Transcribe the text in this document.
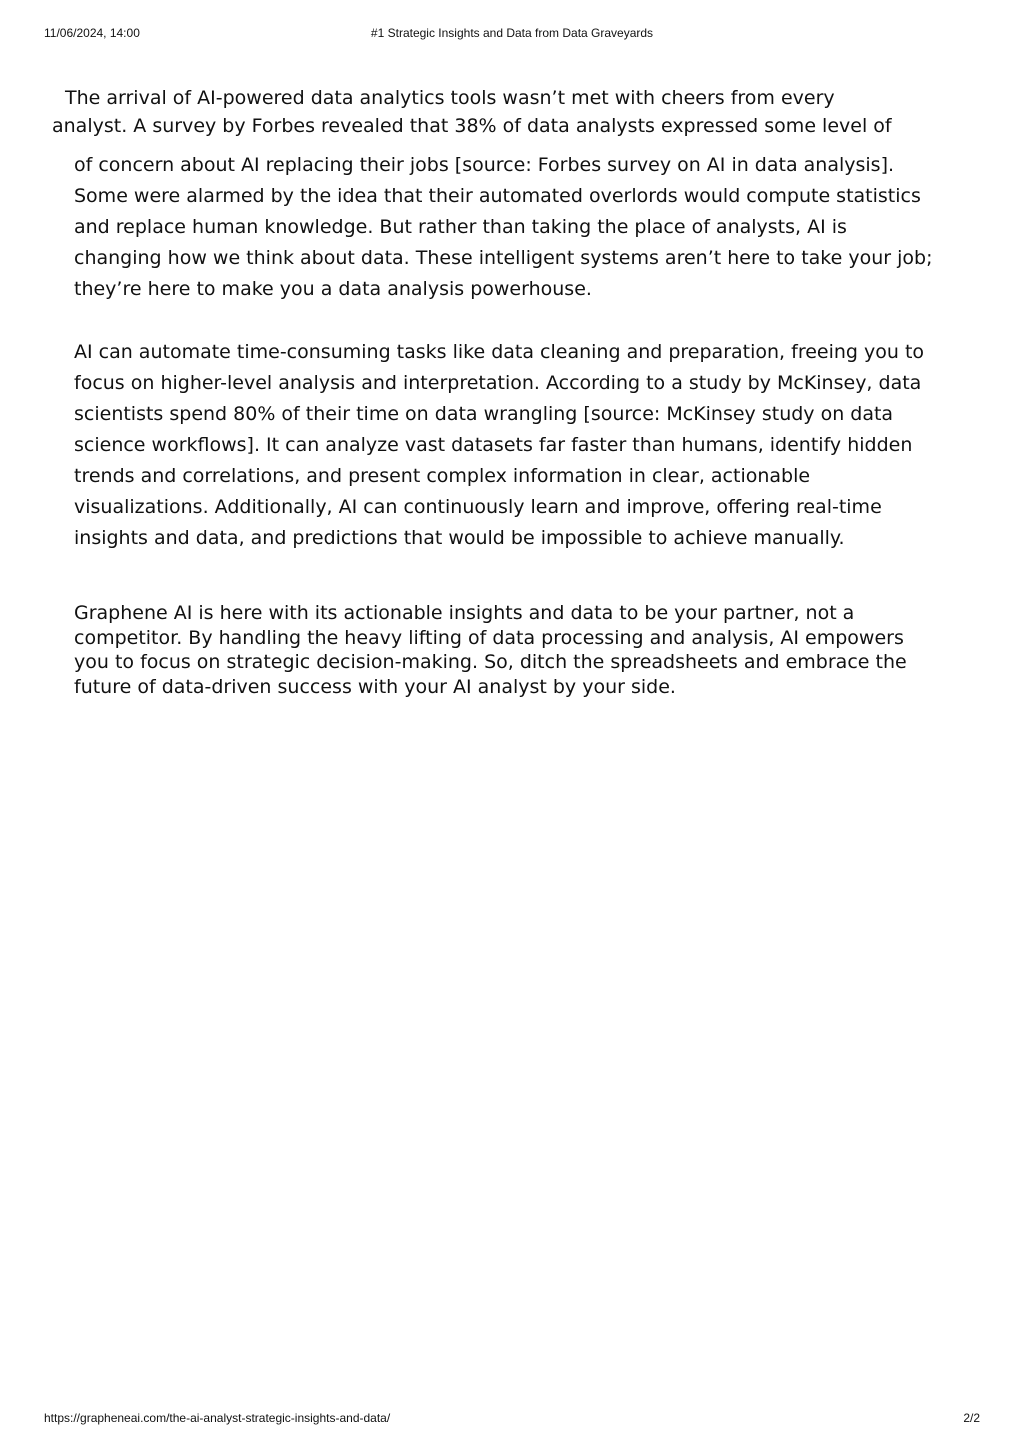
11/06/2024, 14:00	#1 Strategic Insights and Data from Data Graveyards
The arrival of AI-powered data analytics tools wasn’t met with cheers from every
analyst. A survey by Forbes revealed that 38% of data analysts expressed some level of

of concern about AI replacing their jobs [source: Forbes survey on AI in data analysis]. Some were alarmed by the idea that their automated overlords would compute statistics and replace human knowledge. But rather than taking the place of analysts, AI is changing how we think about data. These intelligent systems aren’t here to take your job; they’re here to make you a data analysis powerhouse.

AI can automate time-consuming tasks like data cleaning and preparation, freeing you to focus on higher-level analysis and interpretation. According to a study by McKinsey, data scientists spend 80% of their time on data wrangling [source: McKinsey study on data science workflows]. It can analyze vast datasets far faster than humans, identify hidden trends and correlations, and present complex information in clear, actionable visualizations. Additionally, AI can continuously learn and improve, offering real-time insights and data, and predictions that would be impossible to achieve manually.

Graphene AI is here with its actionable insights and data to be your partner, not a competitor. By handling the heavy lifting of data processing and analysis, AI empowers you to focus on strategic decision-making. So, ditch the spreadsheets and embrace the future of data-driven success with your AI analyst by your side.

https://grapheneai.com/the-ai-analyst-strategic-insights-and-data/	2/2
